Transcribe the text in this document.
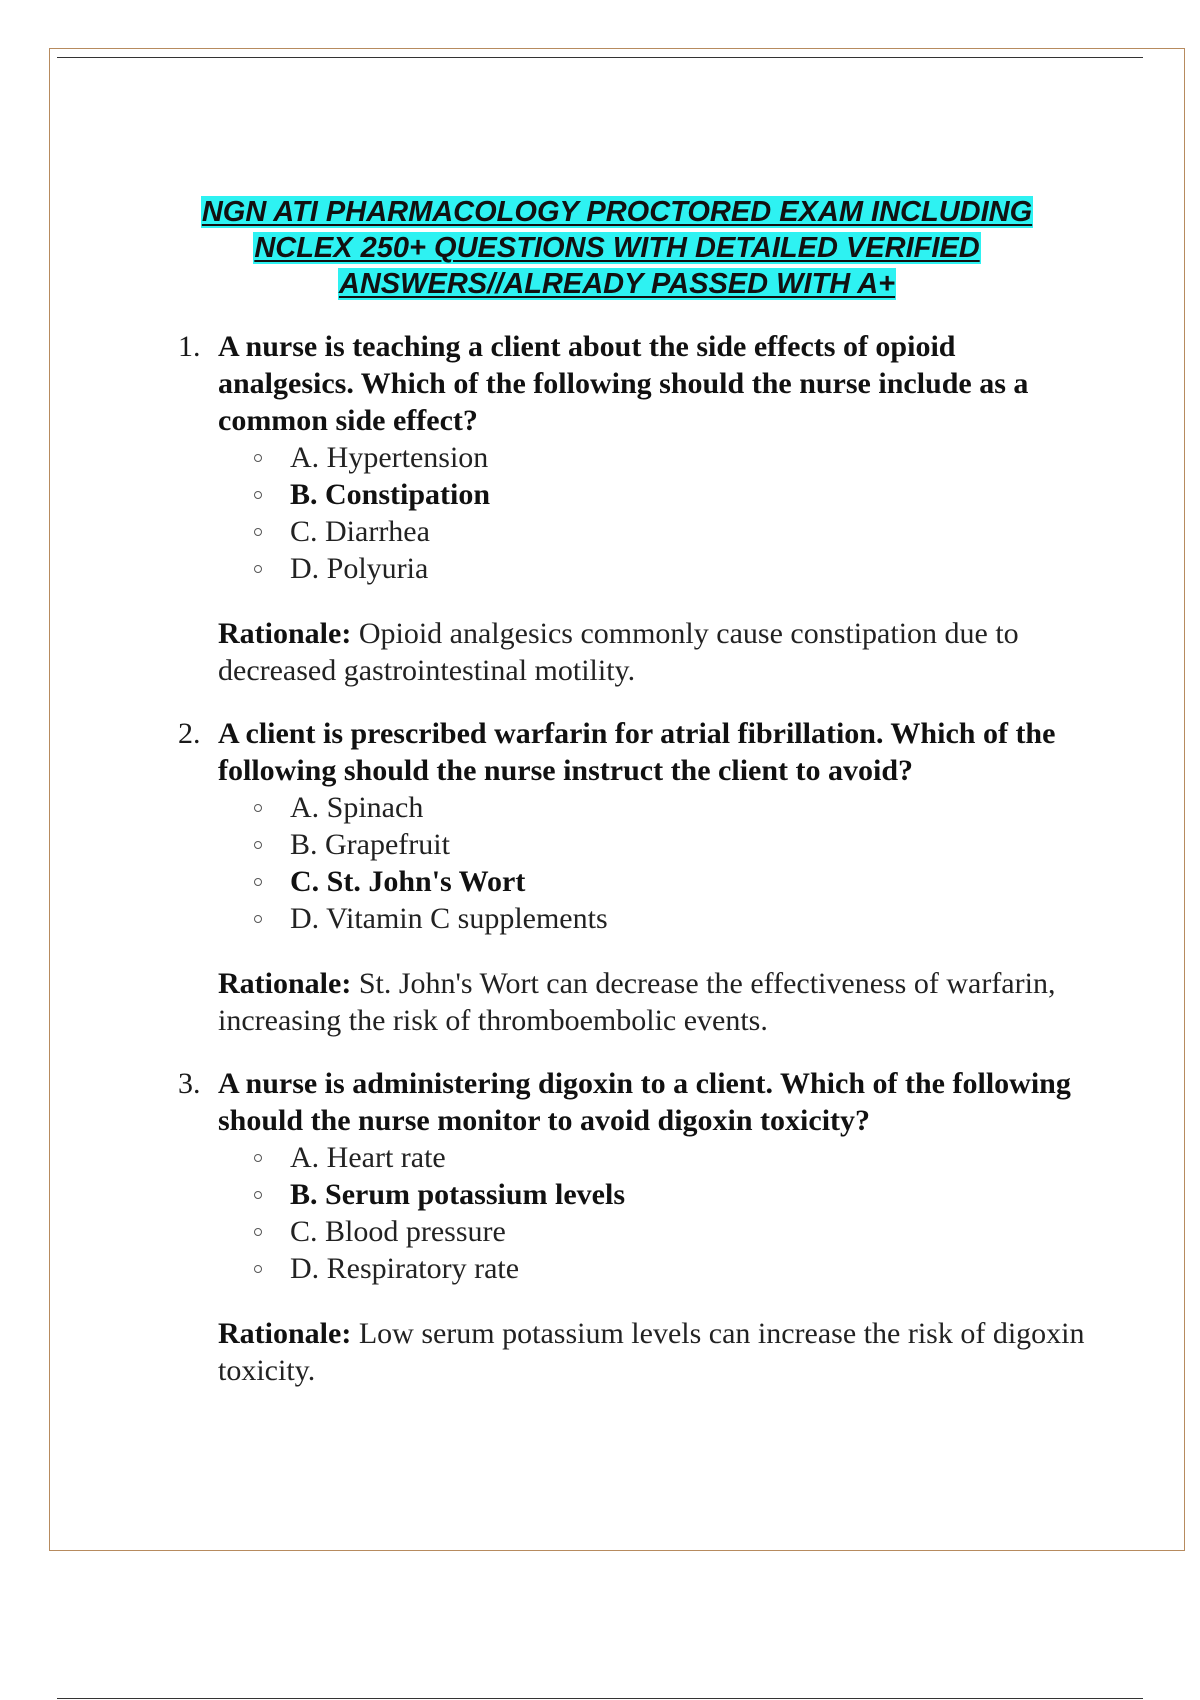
NGN ATI PHARMACOLOGY PROCTORED EXAM INCLUDING
NCLEX 250+ QUESTIONS WITH DETAILED VERIFIED
ANSWERS//ALREADY PASSED WITH A+
1. A nurse is teaching a client about the side effects of opioid analgesics. Which of the following should the nurse include as a common side effect?
A. Hypertension
B. Constipation
C. Diarrhea
D. Polyuria
Rationale: Opioid analgesics commonly cause constipation due to decreased gastrointestinal motility.
2. A client is prescribed warfarin for atrial fibrillation. Which of the following should the nurse instruct the client to avoid?
A. Spinach
B. Grapefruit
C. St. John's Wort
D. Vitamin C supplements
Rationale: St. John's Wort can decrease the effectiveness of warfarin, increasing the risk of thromboembolic events.
3. A nurse is administering digoxin to a client. Which of the following should the nurse monitor to avoid digoxin toxicity?
A. Heart rate
B. Serum potassium levels
C. Blood pressure
D. Respiratory rate
Rationale: Low serum potassium levels can increase the risk of digoxin toxicity.
